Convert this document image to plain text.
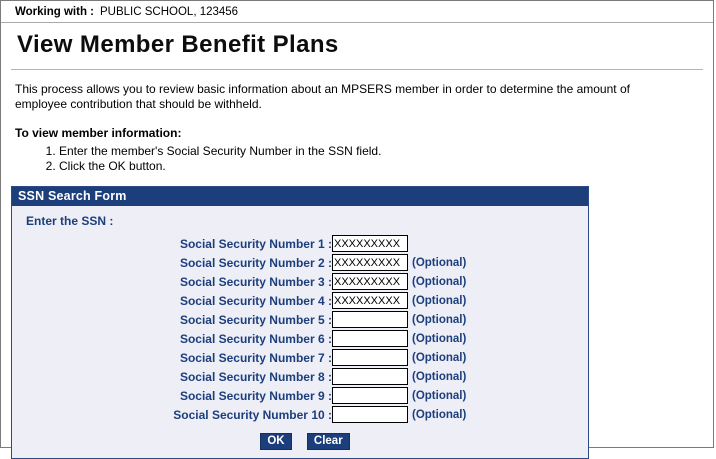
Working with : PUBLIC SCHOOL, 123456
View Member Benefit Plans

This process allows you to review basic information about an MPSERS member in order to determine the amount of employee contribution that should be withheld.

To view member information:
1. Enter the member's Social Security Number in the SSN field.
2. Click the OK button.
SSN Search Form
Enter the SSN :
Social Security Number 1 :	XXXXXXXXX	
Social Security Number 2 :	XXXXXXXXX	(Optional)
Social Security Number 3 :	XXXXXXXXX	(Optional)
Social Security Number 4 :	XXXXXXXXX	(Optional)
Social Security Number 5 :		(Optional)
Social Security Number 6 :		(Optional)
Social Security Number 7 :		(Optional)
Social Security Number 8 :		(Optional)
Social Security Number 9 :		(Optional)
Social Security Number 10 :		(Optional)
OK	Clear
